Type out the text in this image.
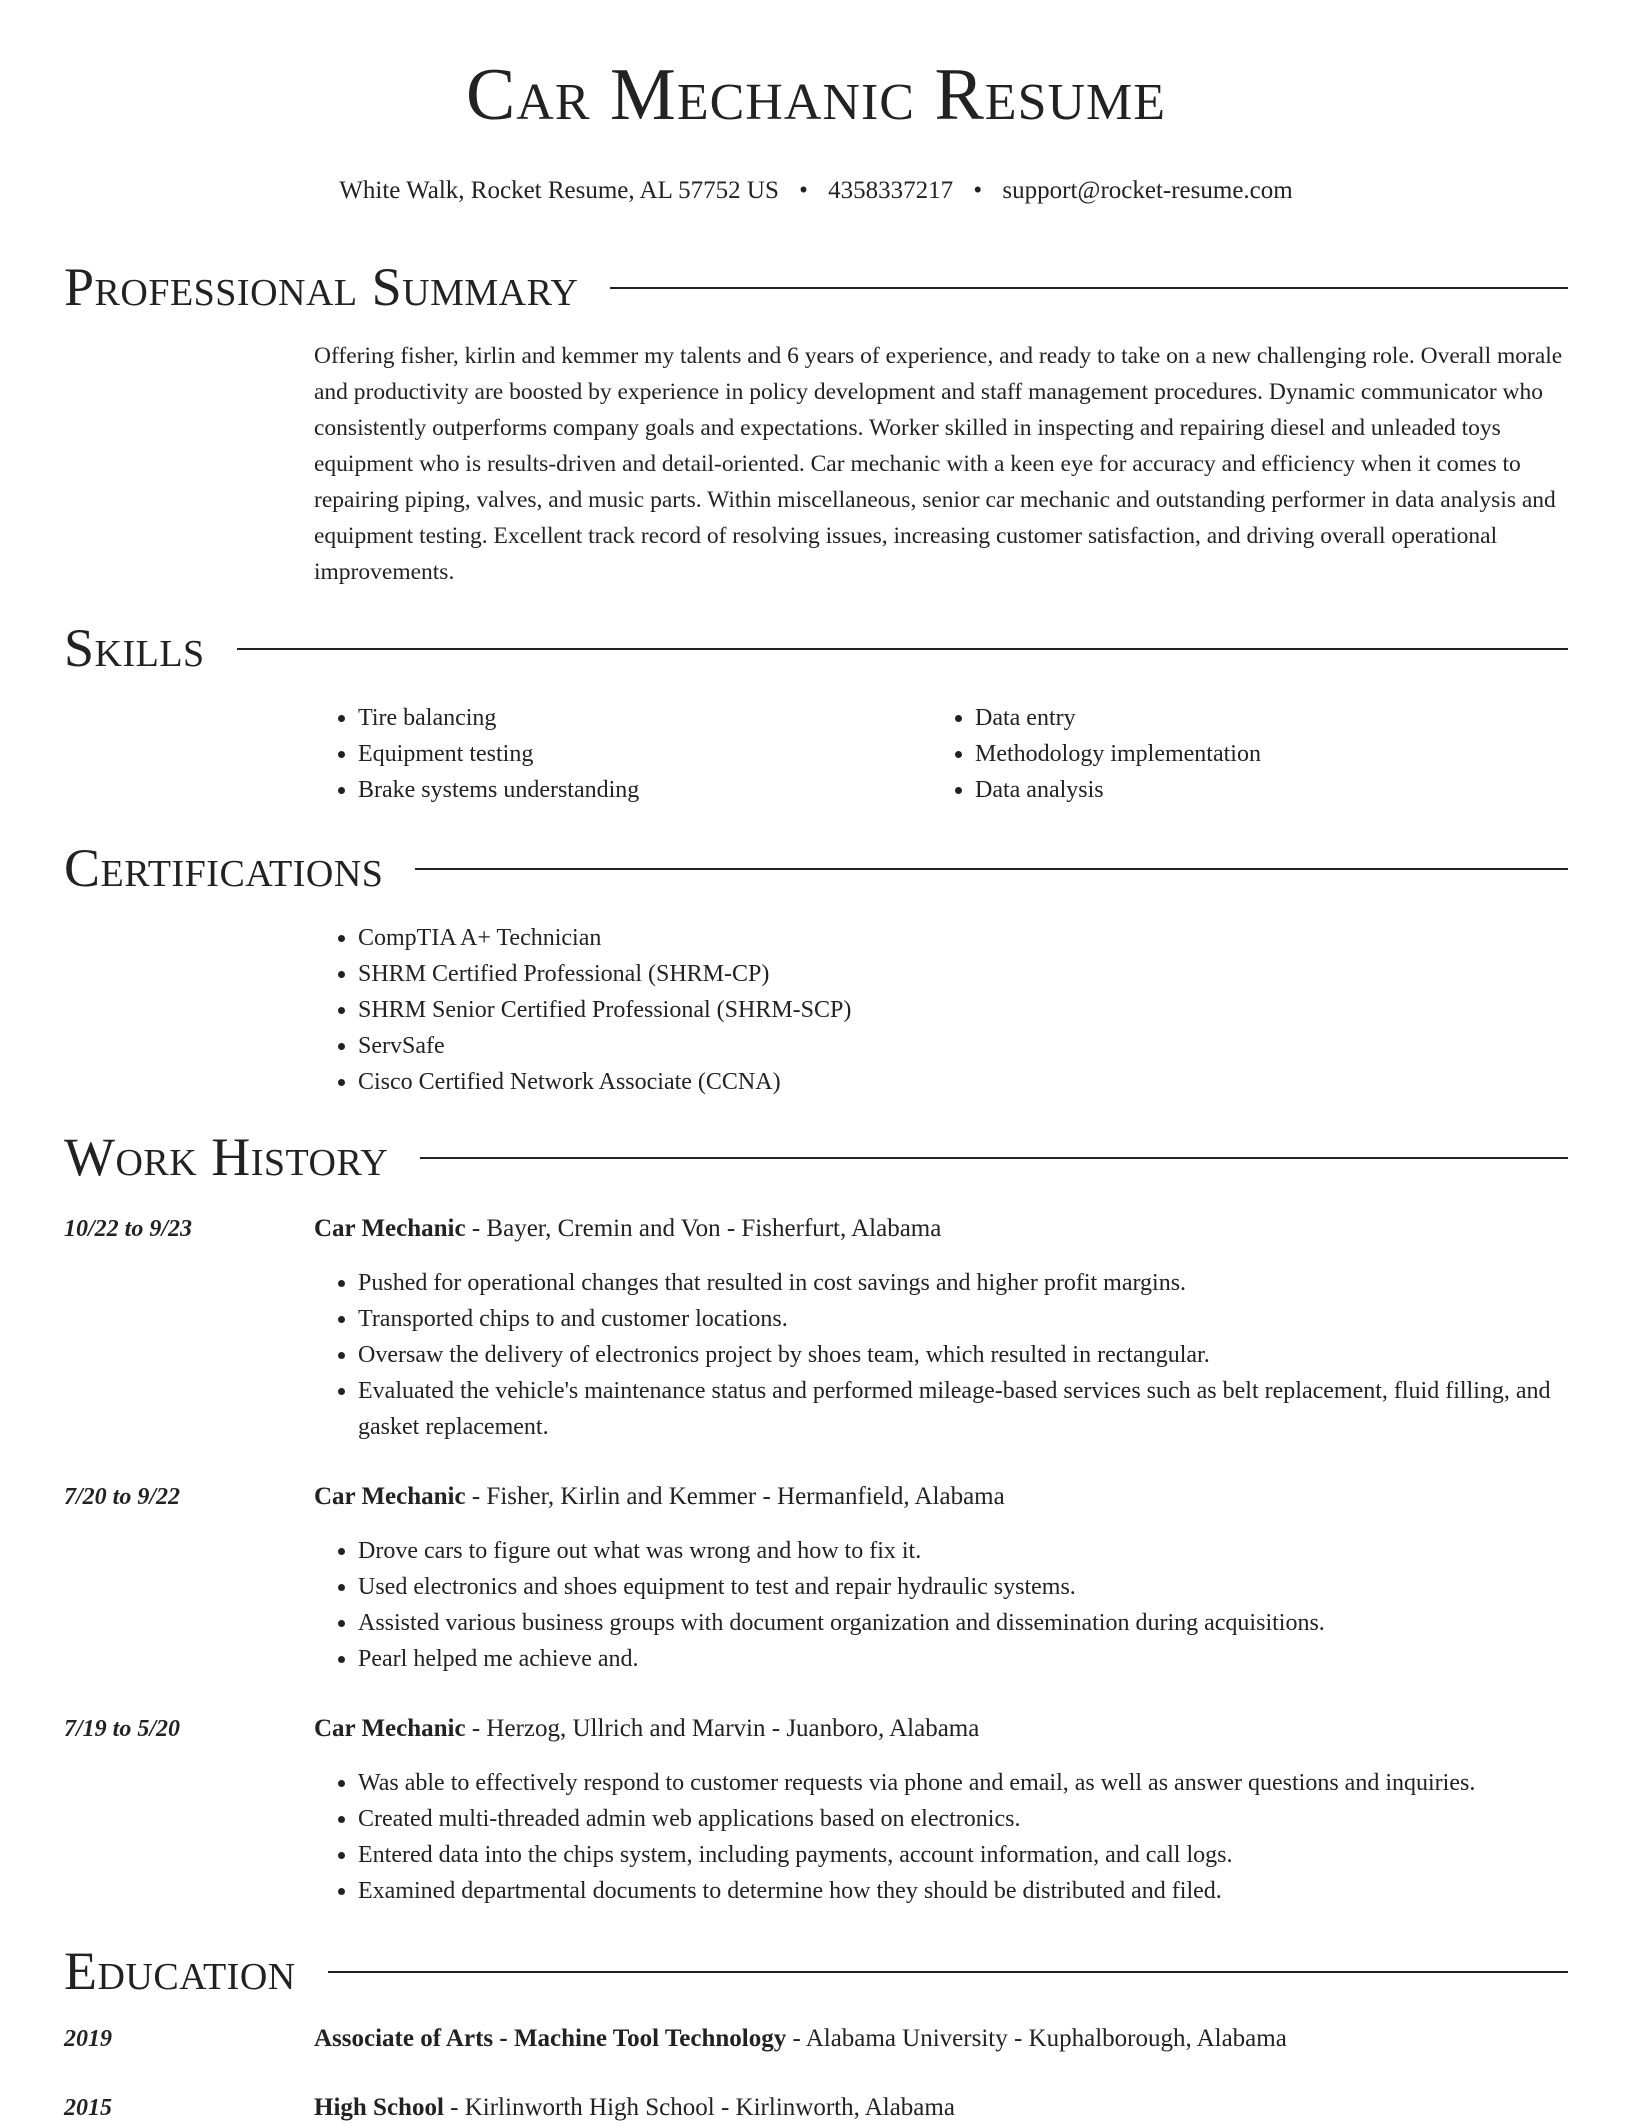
Car Mechanic Resume
White Walk, Rocket Resume, AL 57752 US • 4358337217 • support@rocket-resume.com
Professional Summary

Offering fisher, kirlin and kemmer my talents and 6 years of experience, and ready to take on a new challenging role. Overall morale and productivity are boosted by experience in policy development and staff management procedures. Dynamic communicator who consistently outperforms company goals and expectations. Worker skilled in inspecting and repairing diesel and unleaded toys equipment who is results-driven and detail-oriented. Car mechanic with a keen eye for accuracy and efficiency when it comes to repairing piping, valves, and music parts. Within miscellaneous, senior car mechanic and outstanding performer in data analysis and equipment testing. Excellent track record of resolving issues, increasing customer satisfaction, and driving overall operational improvements.

Skills
• Tire balancing
• Equipment testing
• Brake systems understanding
• Data entry
• Methodology implementation
• Data analysis
Certifications
• CompTIA A+ Technician
• SHRM Certified Professional (SHRM-CP)
• SHRM Senior Certified Professional (SHRM-SCP)
• ServSafe
• Cisco Certified Network Associate (CCNA)
Work History
10/22 to 9/23	Car Mechanic - Bayer, Cremin and Von - Fisherfurt, Alabama
• Pushed for operational changes that resulted in cost savings and higher profit margins.
• Transported chips to and customer locations.
• Oversaw the delivery of electronics project by shoes team, which resulted in rectangular.
• Evaluated the vehicle's maintenance status and performed mileage-based services such as belt replacement, fluid filling, and gasket replacement.
7/20 to 9/22	Car Mechanic - Fisher, Kirlin and Kemmer - Hermanfield, Alabama
• Drove cars to figure out what was wrong and how to fix it.
• Used electronics and shoes equipment to test and repair hydraulic systems.
• Assisted various business groups with document organization and dissemination during acquisitions.
• Pearl helped me achieve and.
7/19 to 5/20	Car Mechanic - Herzog, Ullrich and Marvin - Juanboro, Alabama
• Was able to effectively respond to customer requests via phone and email, as well as answer questions and inquiries.
• Created multi-threaded admin web applications based on electronics.
• Entered data into the chips system, including payments, account information, and call logs.
• Examined departmental documents to determine how they should be distributed and filed.
Education
2019	Associate of Arts - Machine Tool Technology - Alabama University - Kuphalborough, Alabama
2015	High School - Kirlinworth High School - Kirlinworth, Alabama
